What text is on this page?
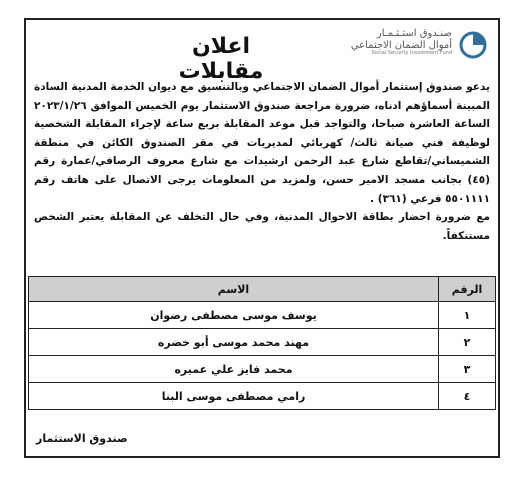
اعلان مقابلات
صنـدوق استـثـمـار
أموال الضمان الاجتماعي
Social Security Investment Fund

يدعو صندوق إستثمار أموال الضمان الاجتماعي وبالتنسيق مع ديوان الخدمة المدنية السادة المبينة أسماؤهم ادناه، ضرورة مراجعة صندوق الاستثمار يوم الخميس الموافق ٢٠٢٣/١/٢٦ الساعة العاشرة صباحا، والتواجد قبل موعد المقابلة بربع ساعة لإجراء المقابلة الشخصية لوظيفة فني صيانة ثالث/ كهربائي لمديريات في مقر الصندوق الكائن في منطقة الشميساني/تقاطع شارع عبد الرحمن ارشيدات مع شارع معروف الرصافي/عمارة رقم (٤٥) بجانب مسجد الامير حسن، ولمزيد من المعلومات يرجى الاتصال على هاتف رقم ٥٥٠١١١١ فرعي (٣٦١) .

مع ضرورة احضار بطاقة الاحوال المدنية، وفي حال التخلف عن المقابلة يعتبر الشخص مستنكفاً.

الرقم	الاسم
١	يوسف موسى مصطفى رضوان
٢	مهند محمد موسى أبو خضره
٣	محمد فايز علي عميره
٤	رامي مصطفى موسى البنا
صندوق الاستثمار
